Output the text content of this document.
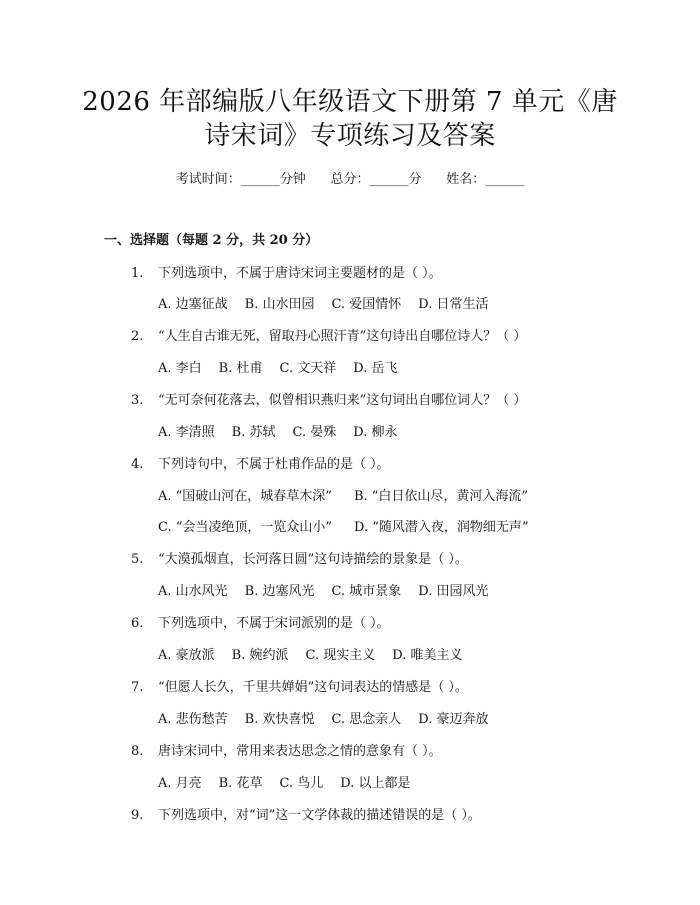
2026 年部编版八年级语文下册第 7 单元《唐
诗宋词》专项练习及答案
考试时间：______分钟      总分：______分      姓名：______
一、选择题（每题 2 分，共 20 分）
1. 下列选项中，不属于唐诗宋词主要题材的是（ ）。
A. 边塞征战 B. 山水田园 C. 爱国情怀 D. 日常生活
2. “人生自古谁无死，留取丹心照汗青”这句诗出自哪位诗人？（ ）
A. 李白 B. 杜甫 C. 文天祥 D. 岳飞
3. “无可奈何花落去，似曾相识燕归来”这句词出自哪位词人？（ ）
A. 李清照 B. 苏轼 C. 晏殊 D. 柳永
4. 下列诗句中，不属于杜甫作品的是（ ）。
A. “国破山河在，城春草木深” B. “白日依山尽，黄河入海流”
C. “会当凌绝顶，一览众山小” D. “随风潜入夜，润物细无声”
5. “大漠孤烟直，长河落日圆”这句诗描绘的景象是（ ）。
A. 山水风光 B. 边塞风光 C. 城市景象 D. 田园风光
6. 下列选项中，不属于宋词派别的是（ ）。
A. 豪放派 B. 婉约派 C. 现实主义 D. 唯美主义
7. “但愿人长久，千里共婵娟”这句词表达的情感是（ ）。
A. 悲伤愁苦 B. 欢快喜悦 C. 思念亲人 D. 豪迈奔放
8. 唐诗宋词中，常用来表达思念之情的意象有（ ）。
A. 月亮 B. 花草 C. 鸟儿 D. 以上都是
9. 下列选项中，对“词”这一文学体裁的描述错误的是（ ）。
